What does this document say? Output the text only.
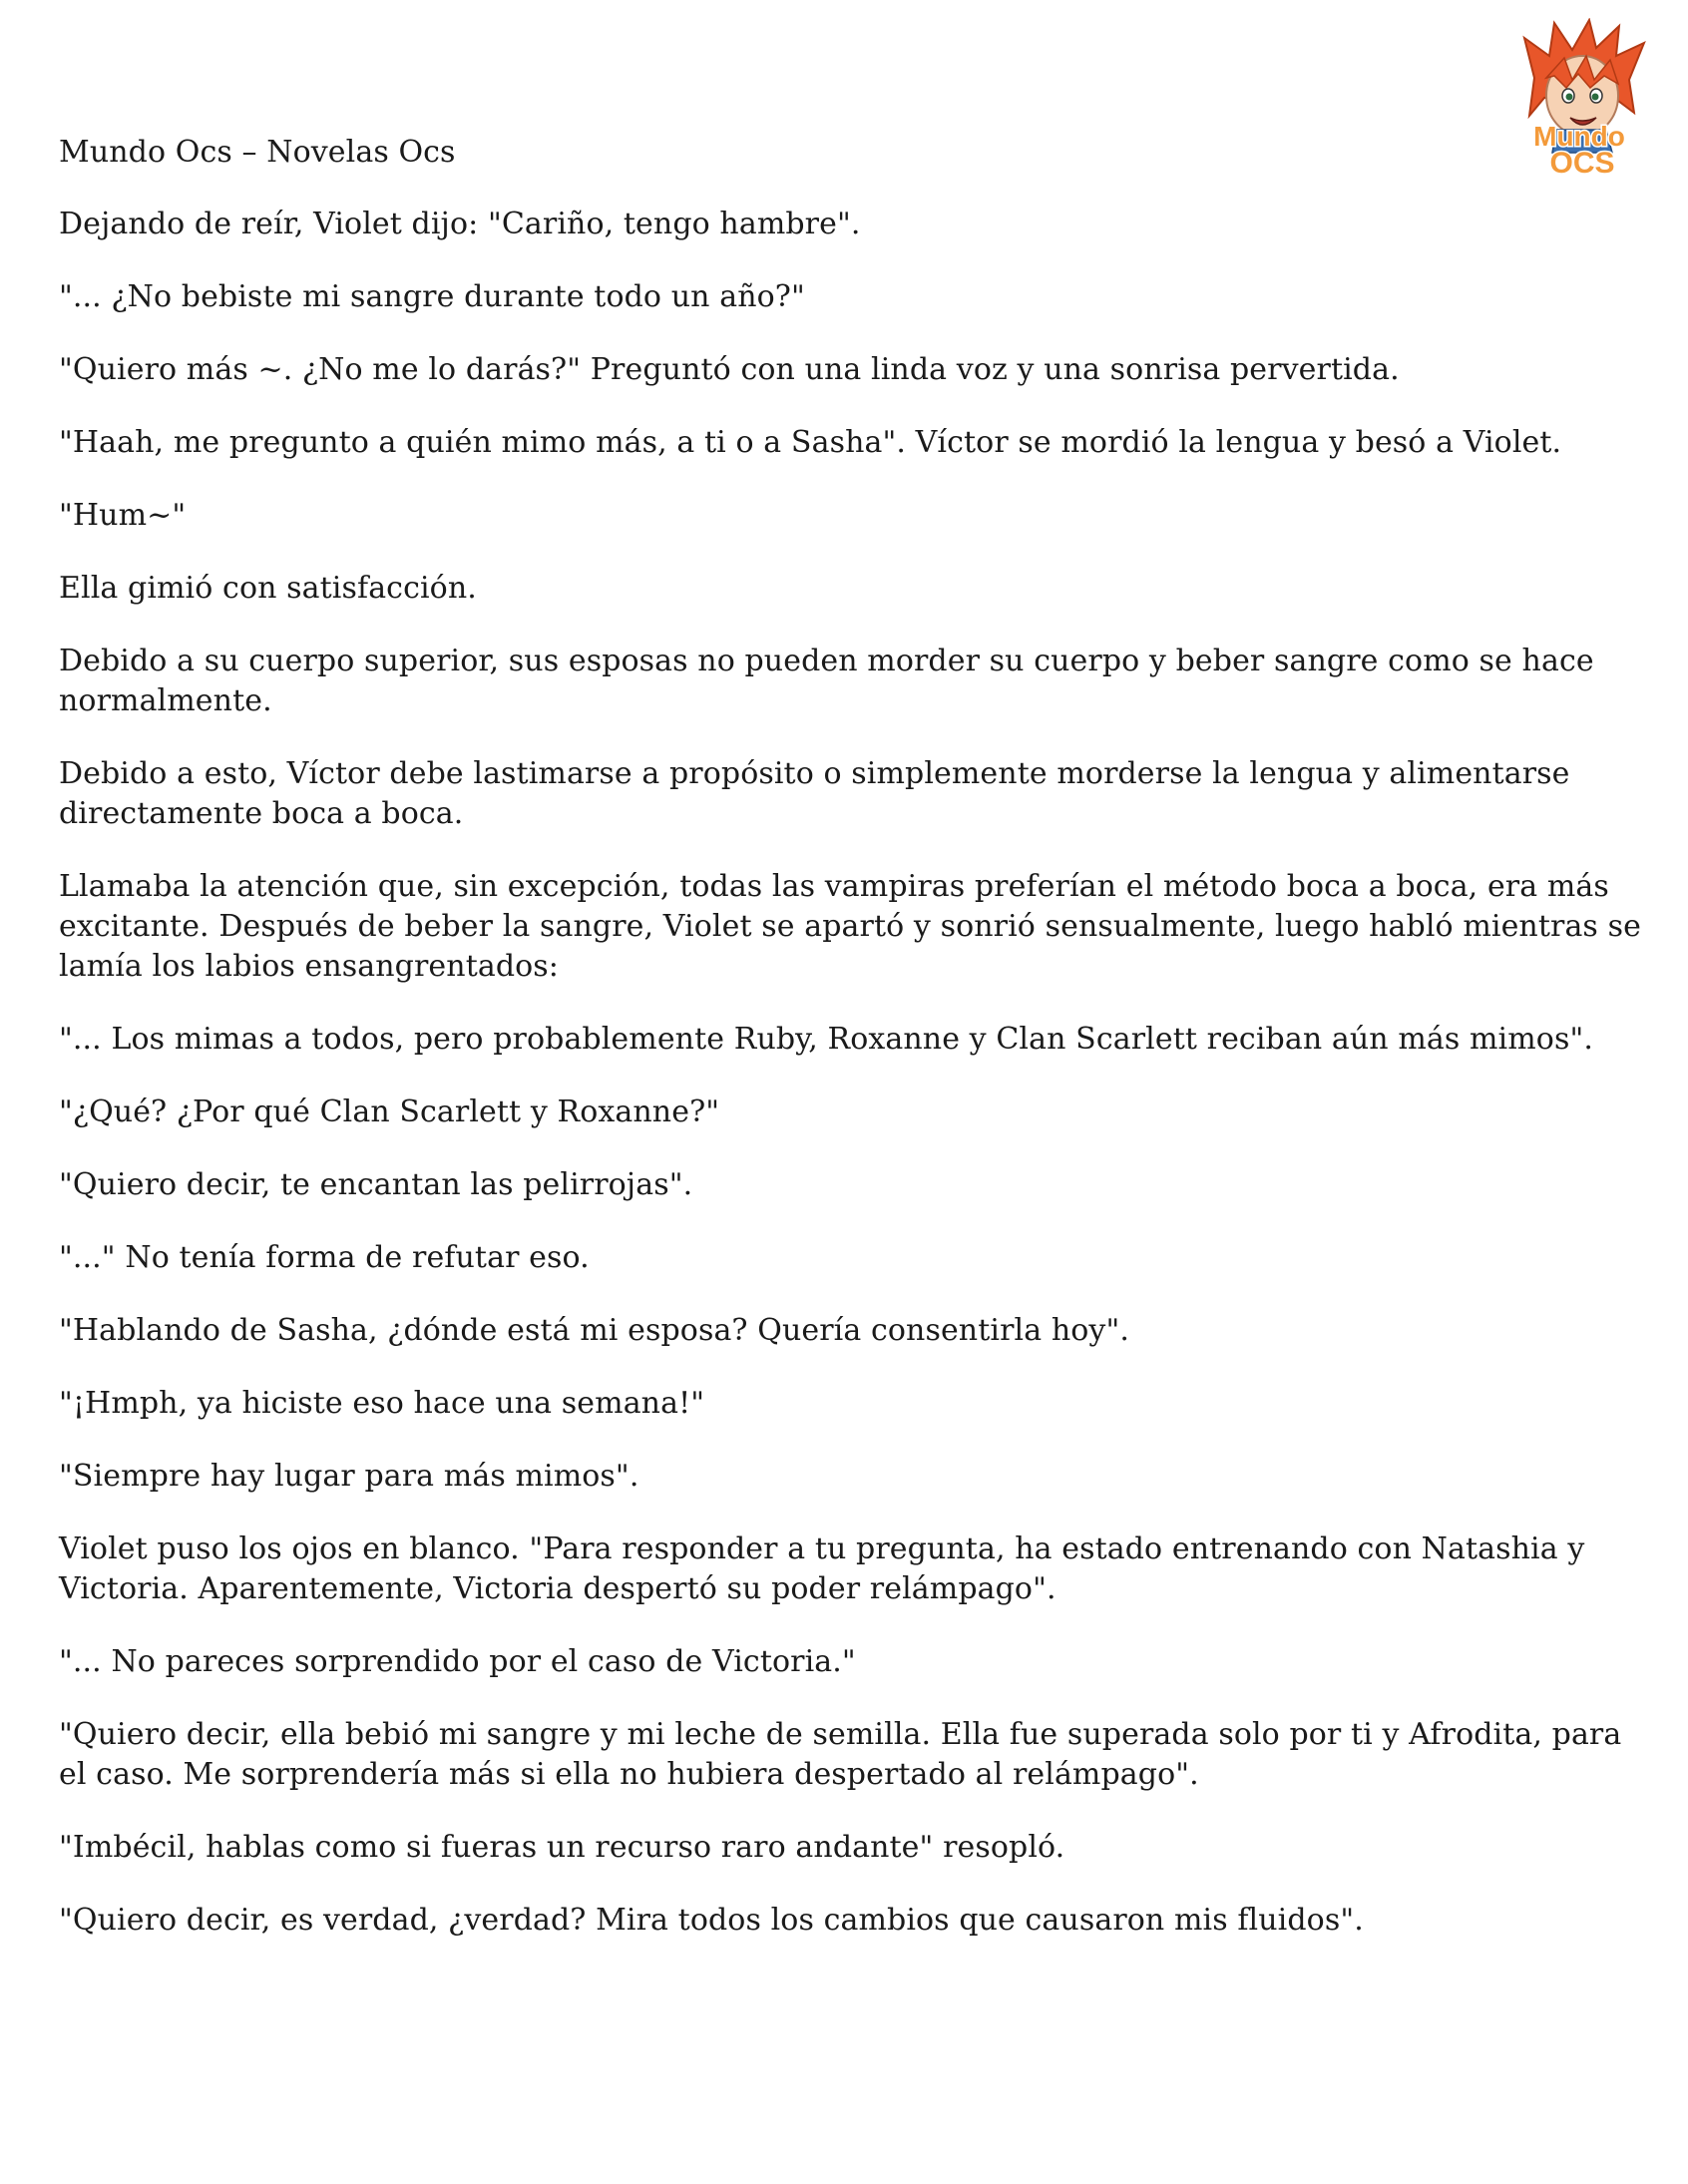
Mundo
OCS
Mundo Ocs – Novelas Ocs

Dejando de reír, Violet dijo: "Cariño, tengo hambre".

"... ¿No bebiste mi sangre durante todo un año?"

"Quiero más ~. ¿No me lo darás?" Preguntó con una linda voz y una sonrisa pervertida.

"Haah, me pregunto a quién mimo más, a ti o a Sasha". Víctor se mordió la lengua y besó a Violet.

"Hum~"

Ella gimió con satisfacción.

Debido a su cuerpo superior, sus esposas no pueden morder su cuerpo y beber sangre como se hace normalmente.

Debido a esto, Víctor debe lastimarse a propósito o simplemente morderse la lengua y alimentarse directamente boca a boca.

Llamaba la atención que, sin excepción, todas las vampiras preferían el método boca a boca, era más excitante. Después de beber la sangre, Violet se apartó y sonrió sensualmente, luego habló mientras se lamía los labios ensangrentados:

"... Los mimas a todos, pero probablemente Ruby, Roxanne y Clan Scarlett reciban aún más mimos".

"¿Qué? ¿Por qué Clan Scarlett y Roxanne?"

"Quiero decir, te encantan las pelirrojas".

"..." No tenía forma de refutar eso.

"Hablando de Sasha, ¿dónde está mi esposa? Quería consentirla hoy".

"¡Hmph, ya hiciste eso hace una semana!"

"Siempre hay lugar para más mimos".

Violet puso los ojos en blanco. "Para responder a tu pregunta, ha estado entrenando con Natashia y Victoria. Aparentemente, Victoria despertó su poder relámpago".

"... No pareces sorprendido por el caso de Victoria."

"Quiero decir, ella bebió mi sangre y mi leche de semilla. Ella fue superada solo por ti y Afrodita, para el caso. Me sorprendería más si ella no hubiera despertado al relámpago".

"Imbécil, hablas como si fueras un recurso raro andante" resopló.

"Quiero decir, es verdad, ¿verdad? Mira todos los cambios que causaron mis fluidos".
